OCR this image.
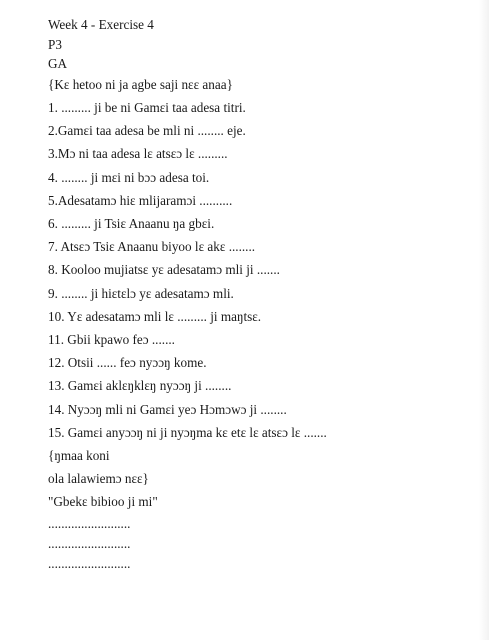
Week 4 - Exercise 4
P3
GA
{Kɛ hetoo ni ja agbe saji nɛɛ anaa}
1. ......... ji be ni Gamɛi taa adesa titri.
2.Gamɛi taa adesa be mli ni ........ eje.
3.Mɔ ni taa adesa lɛ atsɛɔ lɛ .........
4. ........ ji mɛi ni bɔɔ adesa toi.
5.Adesatamɔ hiɛ mlijaramɔi ..........
6. ......... ji Tsiɛ Anaanu ŋa gbɛi.
7. Atsɛɔ Tsiɛ Anaanu biyoo lɛ akɛ ........
8. Kooloo mujiatsɛ yɛ adesatamɔ mli ji .......
9. ........ ji hiɛtɛlɔ yɛ adesatamɔ mli.
10. Yɛ adesatamɔ mli lɛ ......... ji maŋtsɛ.
11. Gbii kpawo feɔ .......
12. Otsii ...... feɔ nyɔɔŋ kome.
13. Gamɛi aklɛŋklɛŋ nyɔɔŋ ji ........
14. Nyɔɔŋ mli ni Gamɛi yeɔ Hɔmɔwɔ ji ........
15. Gamɛi anyɔɔŋ ni ji nyɔŋma kɛ etɛ lɛ atsɛɔ lɛ .......
{ŋmaa koni
ola lalawiemɔ nɛɛ}
"Gbekɛ bibioo ji mi"
.........................
.........................
.........................
